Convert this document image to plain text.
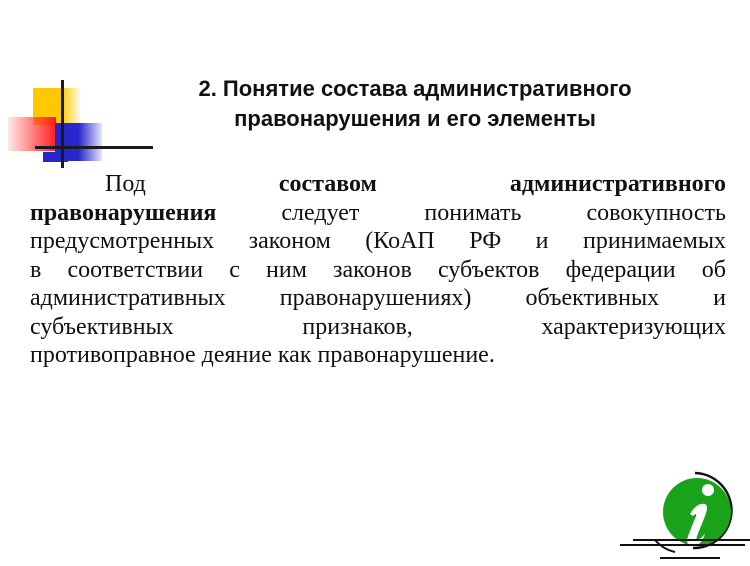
2. Понятие состава административного
правонарушения и его элементы
Под	составом	административного
правонарушения	следует	понимать	совокупность
предусмотренных законом (КоАП РФ и принимаемых
в соответствии с ним законов субъектов федерации об
административных правонарушениях) объективных и
субъективных	признаков,	характеризующих
противоправное деяние как правонарушение.
